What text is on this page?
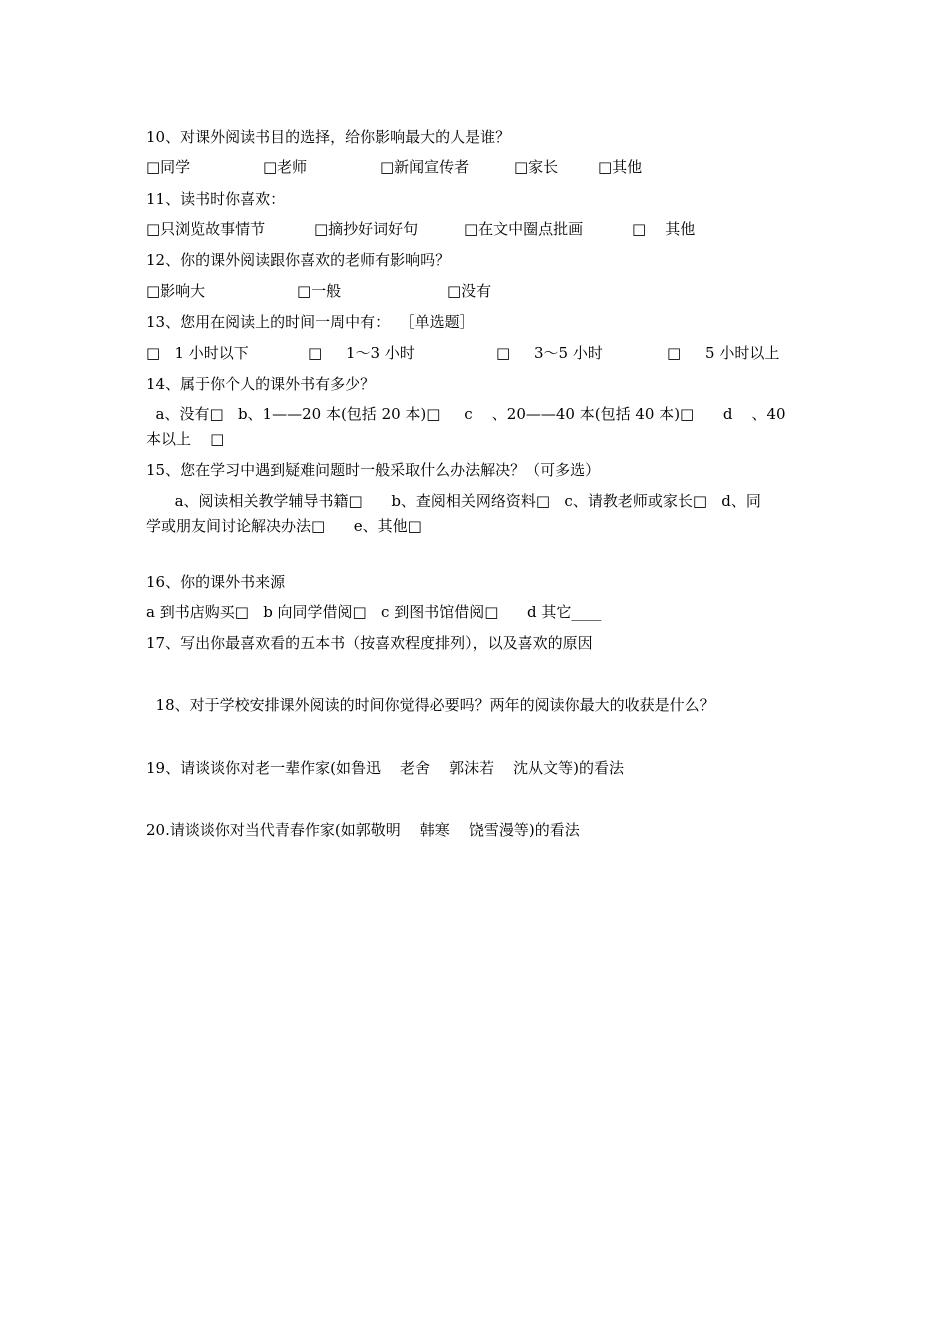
10、对课外阅读书目的选择，给你影响最大的人是谁？
□同学	□老师	□新闻宣传者	□家长	□其他
11、读书时你喜欢：
□只浏览故事情节	□摘抄好词好句	□在文中圈点批画	□    其他
12、你的课外阅读跟你喜欢的老师有影响吗？
□影响大	□一般	□没有
13、您用在阅读上的时间一周中有：  ［单选题］
□   1 小时以下	□     1～3 小时	□     3～5 小时	□     5 小时以上
14、属于你个人的课外书有多少？
a、没有□   b、1——20 本(包括 20 本)□     c    、20——40 本(包括 40 本)□      d    、40
本以上    □
15、您在学习中遇到疑难问题时一般采取什么办法解决？（可多选）
a、阅读相关教学辅导书籍□      b、查阅相关网络资料□   c、请教老师或家长□   d、同
学或朋友间讨论解决办法□      e、其他□
16、你的课外书来源
a 到书店购买□   b 向同学借阅□   c 到图书馆借阅□      d 其它____
17、写出你最喜欢看的五本书（按喜欢程度排列），以及喜欢的原因
18、对于学校安排课外阅读的时间你觉得必要吗？两年的阅读你最大的收获是什么？
19、请谈谈你对老一辈作家(如鲁迅    老舍    郭沫若    沈从文等)的看法
20.请谈谈你对当代青春作家(如郭敬明    韩寒    饶雪漫等)的看法
